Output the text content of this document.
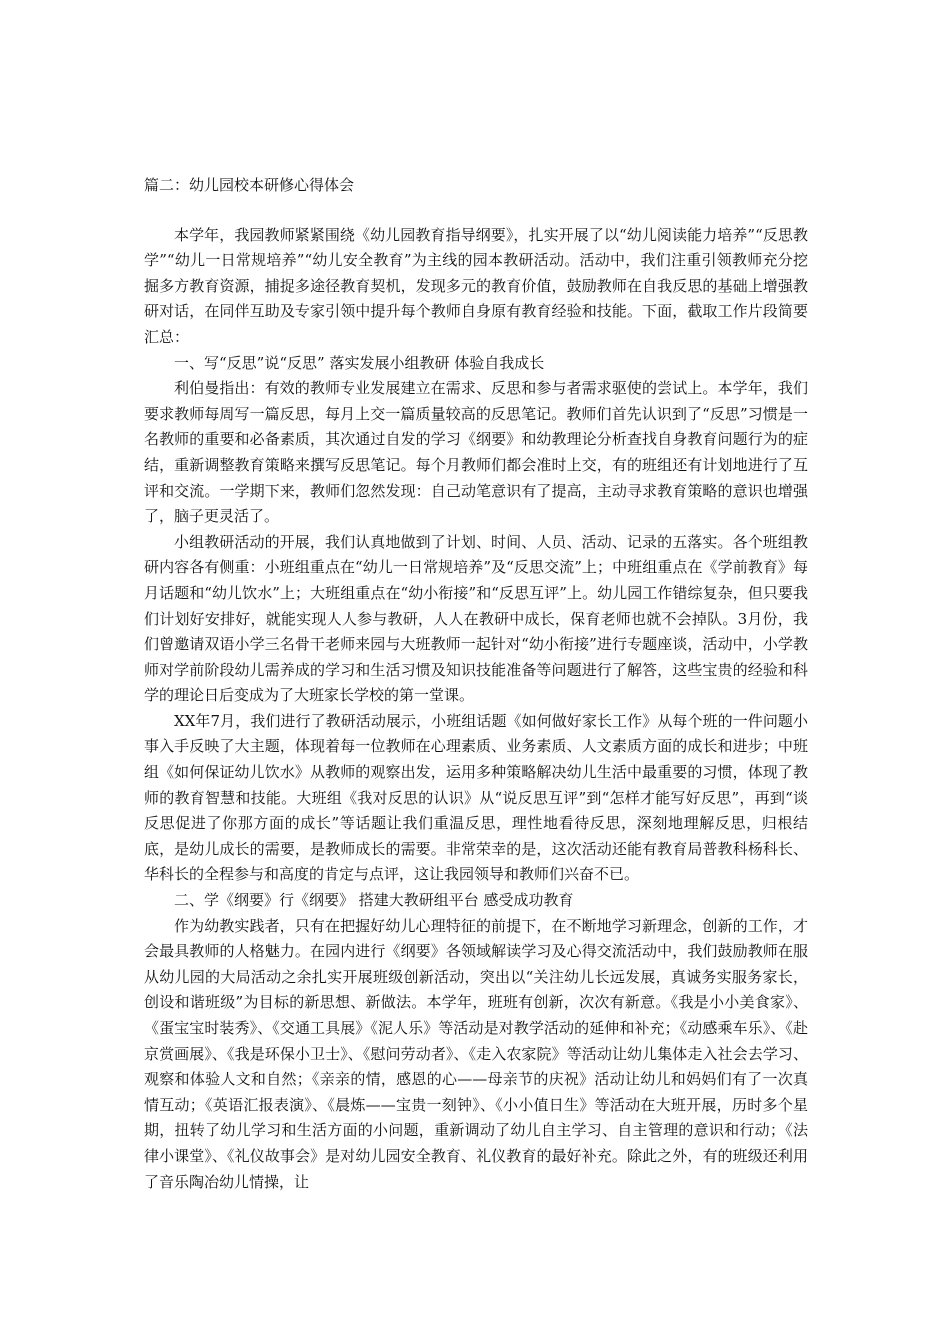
篇二：幼儿园校本研修心得体会

本学年，我园教师紧紧围绕《幼儿园教育指导纲要》，扎实开展了以“幼儿阅读能力培养”“反思教学”“幼儿一日常规培养”“幼儿安全教育”为主线的园本教研活动。活动中，我们注重引领教师充分挖掘多方教育资源，捕捉多途径教育契机，发现多元的教育价值，鼓励教师在自我反思的基础上增强教研对话，在同伴互助及专家引领中提升每个教师自身原有教育经验和技能。下面，截取工作片段简要汇总：

一、写“反思”说“反思” 落实发展小组教研 体验自我成长

利伯曼指出：有效的教师专业发展建立在需求、反思和参与者需求驱使的尝试上。本学年，我们要求教师每周写一篇反思，每月上交一篇质量较高的反思笔记。教师们首先认识到了“反思”习惯是一名教师的重要和必备素质，其次通过自发的学习《纲要》和幼教理论分析查找自身教育问题行为的症结，重新调整教育策略来撰写反思笔记。每个月教师们都会准时上交，有的班组还有计划地进行了互评和交流。一学期下来，教师们忽然发现：自己动笔意识有了提高，主动寻求教育策略的意识也增强了，脑子更灵活了。

小组教研活动的开展，我们认真地做到了计划、时间、人员、活动、记录的五落实。各个班组教研内容各有侧重：小班组重点在“幼儿一日常规培养”及“反思交流”上；中班组重点在《学前教育》每月话题和“幼儿饮水”上；大班组重点在“幼小衔接”和“反思互评”上。幼儿园工作错综复杂，但只要我们计划好安排好，就能实现人人参与教研，人人在教研中成长，保育老师也就不会掉队。3月份，我们曾邀请双语小学三名骨干老师来园与大班教师一起针对“幼小衔接”进行专题座谈，活动中，小学教师对学前阶段幼儿需养成的学习和生活习惯及知识技能准备等问题进行了解答，这些宝贵的经验和科学的理论日后变成为了大班家长学校的第一堂课。

XX年7月，我们进行了教研活动展示，小班组话题《如何做好家长工作》从每个班的一件问题小事入手反映了大主题，体现着每一位教师在心理素质、业务素质、人文素质方面的成长和进步；中班组《如何保证幼儿饮水》从教师的观察出发，运用多种策略解决幼儿生活中最重要的习惯，体现了教师的教育智慧和技能。大班组《我对反思的认识》从“说反思互评”到“怎样才能写好反思”，再到“谈反思促进了你那方面的成长”等话题让我们重温反思，理性地看待反思，深刻地理解反思，归根结底，是幼儿成长的需要，是教师成长的需要。非常荣幸的是，这次活动还能有教育局普教科杨科长、华科长的全程参与和高度的肯定与点评，这让我园领导和教师们兴奋不已。

二、学《纲要》行《纲要》 搭建大教研组平台 感受成功教育

作为幼教实践者，只有在把握好幼儿心理特征的前提下，在不断地学习新理念，创新的工作，才会最具教师的人格魅力。在园内进行《纲要》各领域解读学习及心得交流活动中，我们鼓励教师在服从幼儿园的大局活动之余扎实开展班级创新活动，突出以“关注幼儿长远发展，真诚务实服务家长，创设和谐班级”为目标的新思想、新做法。本学年，班班有创新，次次有新意。《我是小小美食家》、《蛋宝宝时装秀》、《交通工具展》《泥人乐》等活动是对教学活动的延伸和补充；《动感乘车乐》、《赴京赏画展》、《我是环保小卫士》、《慰问劳动者》、《走入农家院》等活动让幼儿集体走入社会去学习、观察和体验人文和自然；《亲亲的情，感恩的心——母亲节的庆祝》活动让幼儿和妈妈们有了一次真情互动；《英语汇报表演》、《晨炼——宝贵一刻钟》、《小小值日生》等活动在大班开展，历时多个星期，扭转了幼儿学习和生活方面的小问题，重新调动了幼儿自主学习、自主管理的意识和行动；《法律小课堂》、《礼仪故事会》是对幼儿园安全教育、礼仪教育的最好补充。除此之外，有的班级还利用了音乐陶冶幼儿情操，让
